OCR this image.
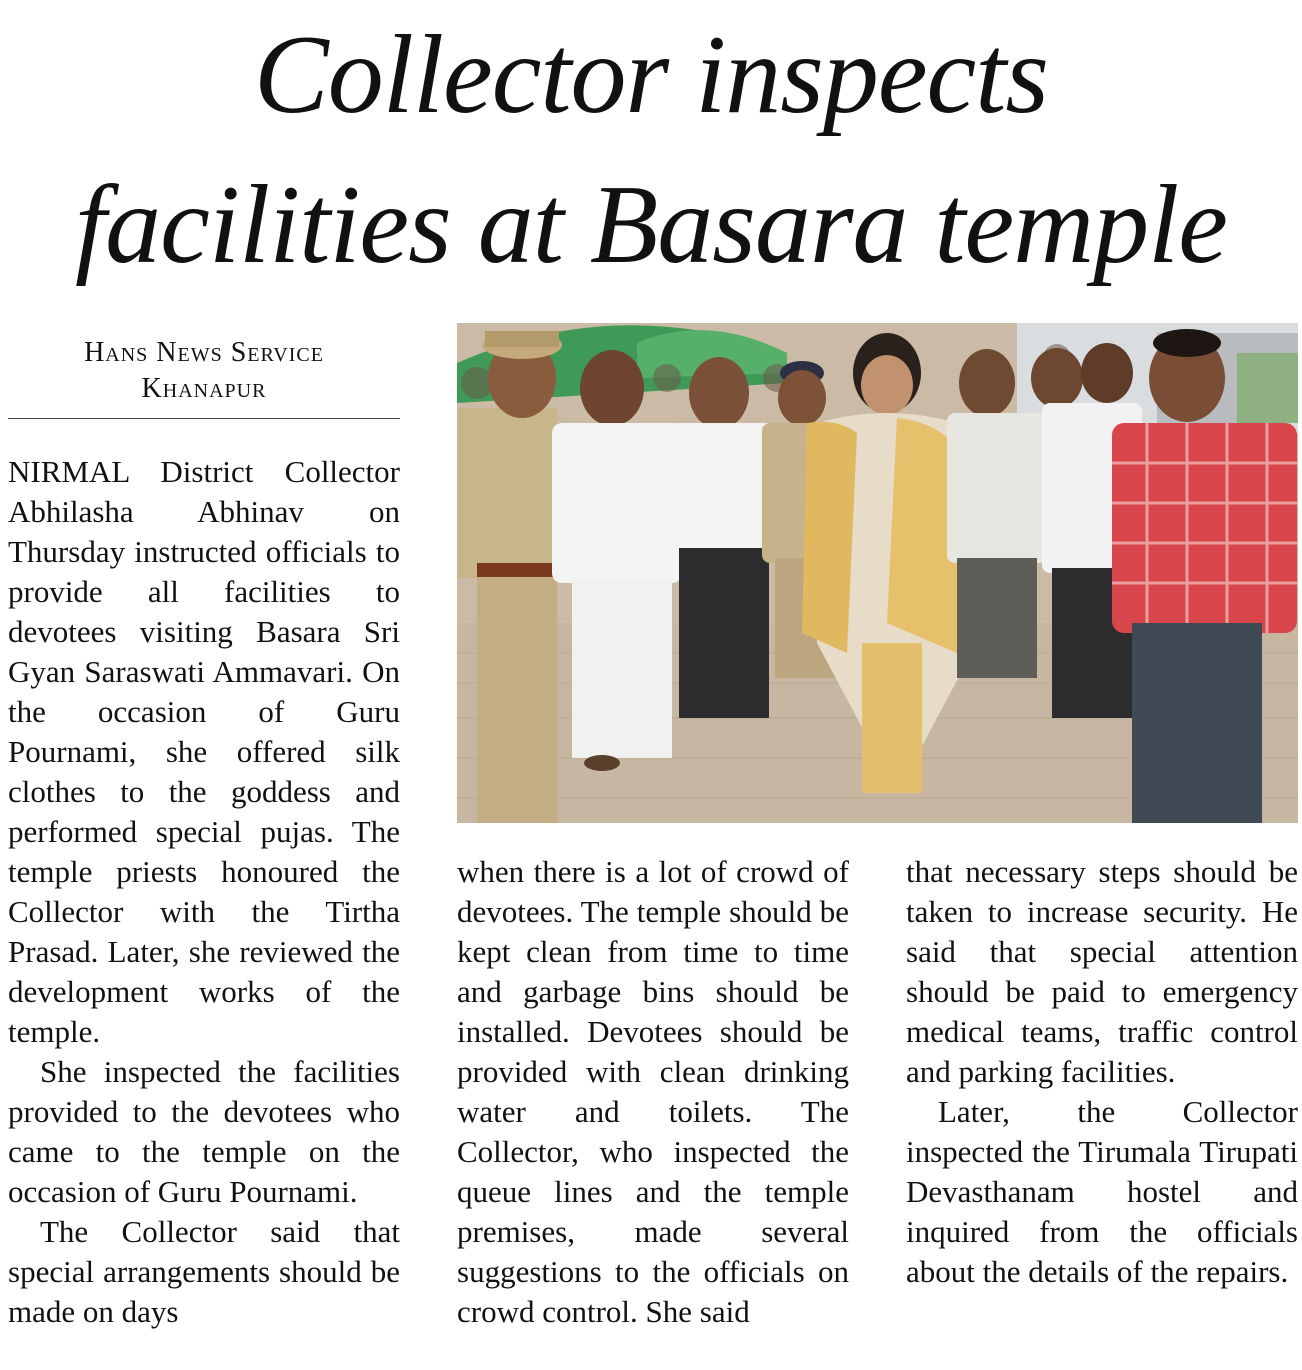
Collector inspects
facilities at Basara temple
Hans News Service
Khanapur

NIRMAL District Collector Abhilasha Abhinav on Thursday instructed officials to provide all facilities to devotees visiting Basara Sri Gyan Saraswati Ammavari. On the occasion of Guru Pournami, she offered silk clothes to the goddess and performed special pujas. The temple priests honoured the Collector with the Tirtha Prasad. Later, she reviewed the development works of the temple.

She inspected the facilities provided to the devotees who came to the temple on the occasion of Guru Pournami.

The Collector said that special arrangements should be made on days

when there is a lot of crowd of devotees. The temple should be kept clean from time to time and garbage bins should be installed. Devotees should be provided with clean drinking water and toilets. The Collector, who inspected the queue lines and the temple premises, made several suggestions to the officials on crowd control. She said

that necessary steps should be taken to increase security. He said that special attention should be paid to emergency medical teams, traffic control and parking facilities.

Later, the Collector inspected the Tirumala Tirupati Devasthanam hostel and inquired from the officials about the details of the repairs.
